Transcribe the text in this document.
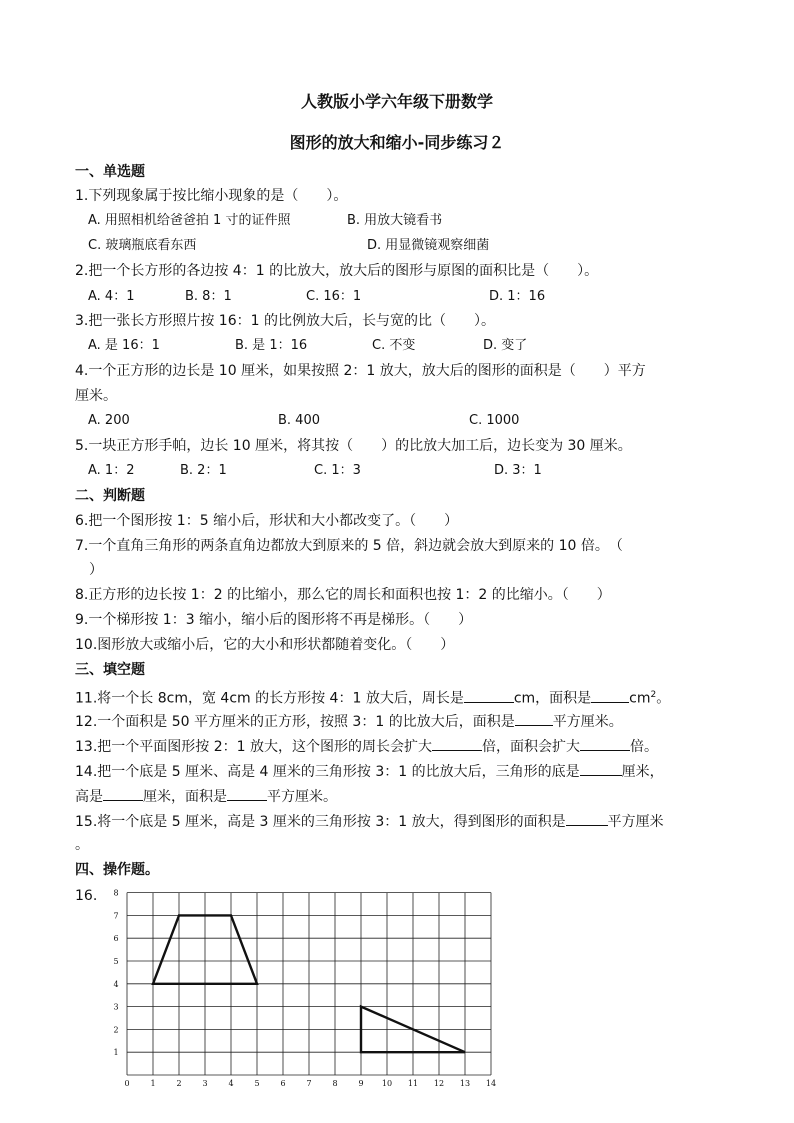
人教版小学六年级下册数学
图形的放大和缩小-同步练习２
一、单选题
1.下列现象属于按比缩小现象的是（　　）。
A. 用照相机给爸爸拍 1 寸的证件照	B. 用放大镜看书
C. 玻璃瓶底看东西	D. 用显微镜观察细菌
2.把一个长方形的各边按 4：1 的比放大，放大后的图形与原图的面积比是（　　）。
A. 4：1	B. 8：1	C. 16：1	D. 1：16
3.把一张长方形照片按 16：1 的比例放大后，长与宽的比（　　）。
A. 是 16：1	B. 是 1：16	C. 不变	D. 变了
4.一个正方形的边长是 10 厘米，如果按照 2：1 放大，放大后的图形的面积是（　　）平方
厘米。
A. 200	B. 400	C. 1000
5.一块正方形手帕，边长 10 厘米，将其按（　　）的比放大加工后，边长变为 30 厘米。
A. 1：2	B. 2：1	C. 1：3	D. 3：1
二、判断题
6.把一个图形按 1：5 缩小后，形状和大小都改变了。（　　）
7.一个直角三角形的两条直角边都放大到原来的 5 倍，斜边就会放大到原来的 10 倍。　（
　）
8.正方形的边长按 1：2 的比缩小，那么它的周长和面积也按 1：2 的比缩小。（　　）
9.一个梯形按 1：3 缩小，缩小后的图形将不再是梯形。（　　）
10.图形放大或缩小后，它的大小和形状都随着变化。（　　）
三、填空题
11.将一个长 8cm，宽 4cm 的长方形按 4：1 放大后，周长是	cm，面积是	$cm^2$。
12.一个面积是 50 平方厘米的正方形，按照 3：1 的比放大后，面积是	平方厘米。
13.把一个平面图形按 2：1 放大，这个图形的周长会扩大	倍，面积会扩大	倍。
14.把一个底是 5 厘米、高是 4 厘米的三角形按 3：1 的比放大后，三角形的底是	厘米，
高是	厘米，面积是	平方厘米。
15.将一个底是 5 厘米，高是 3 厘米的三角形按 3：1 放大，得到图形的面积是	平方厘米
。
四、操作题。
16.
0	1	2	3	4	5	6	7	8	9 10 11 12 13 14
1
2
3
4
5
6
7
8
